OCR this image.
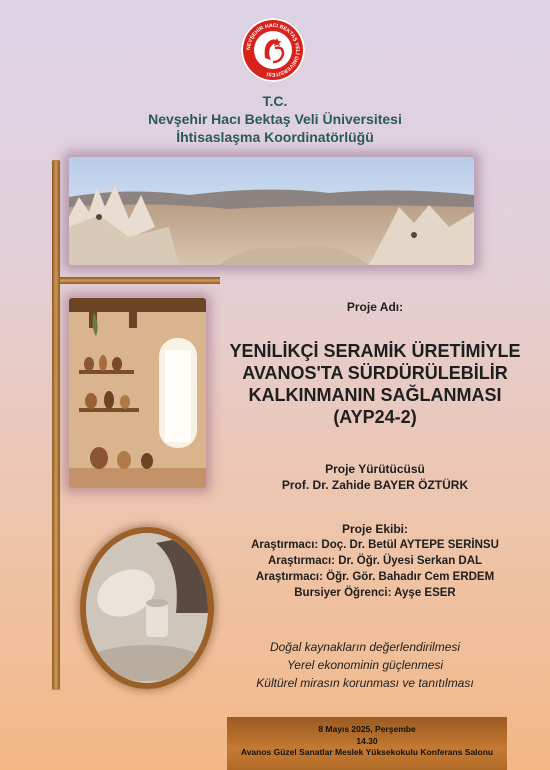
NEVŞEHİR HACI BEKTAŞ VELİ ÜNİVERSİTESİ
T.C.
Nevşehir Hacı Bektaş Veli Üniversitesi
İhtisaslaşma Koordinatörlüğü
Proje Adı:
YENİLİKÇİ SERAMİK ÜRETİMİYLE
AVANOS'TA SÜRDÜRÜLEBİLİR
KALKINMANIN SAĞLANMASI
(AYP24-2)
Proje Yürütücüsü
Prof. Dr. Zahide BAYER ÖZTÜRK
Proje Ekibi:
Araştırmacı: Doç. Dr. Betül AYTEPE SERİNSU
Araştırmacı: Dr. Öğr. Üyesi Serkan DAL
Araştırmacı: Öğr. Gör. Bahadır Cem ERDEM
Bursiyer Öğrenci: Ayşe ESER
Doğal kaynakların değerlendirilmesi
Yerel ekonominin güçlenmesi
Kültürel mirasın korunması ve tanıtılması
8 Mayıs 2025, Perşembe
14.30
Avanos Güzel Sanatlar Meslek Yüksekokulu Konferans Salonu
